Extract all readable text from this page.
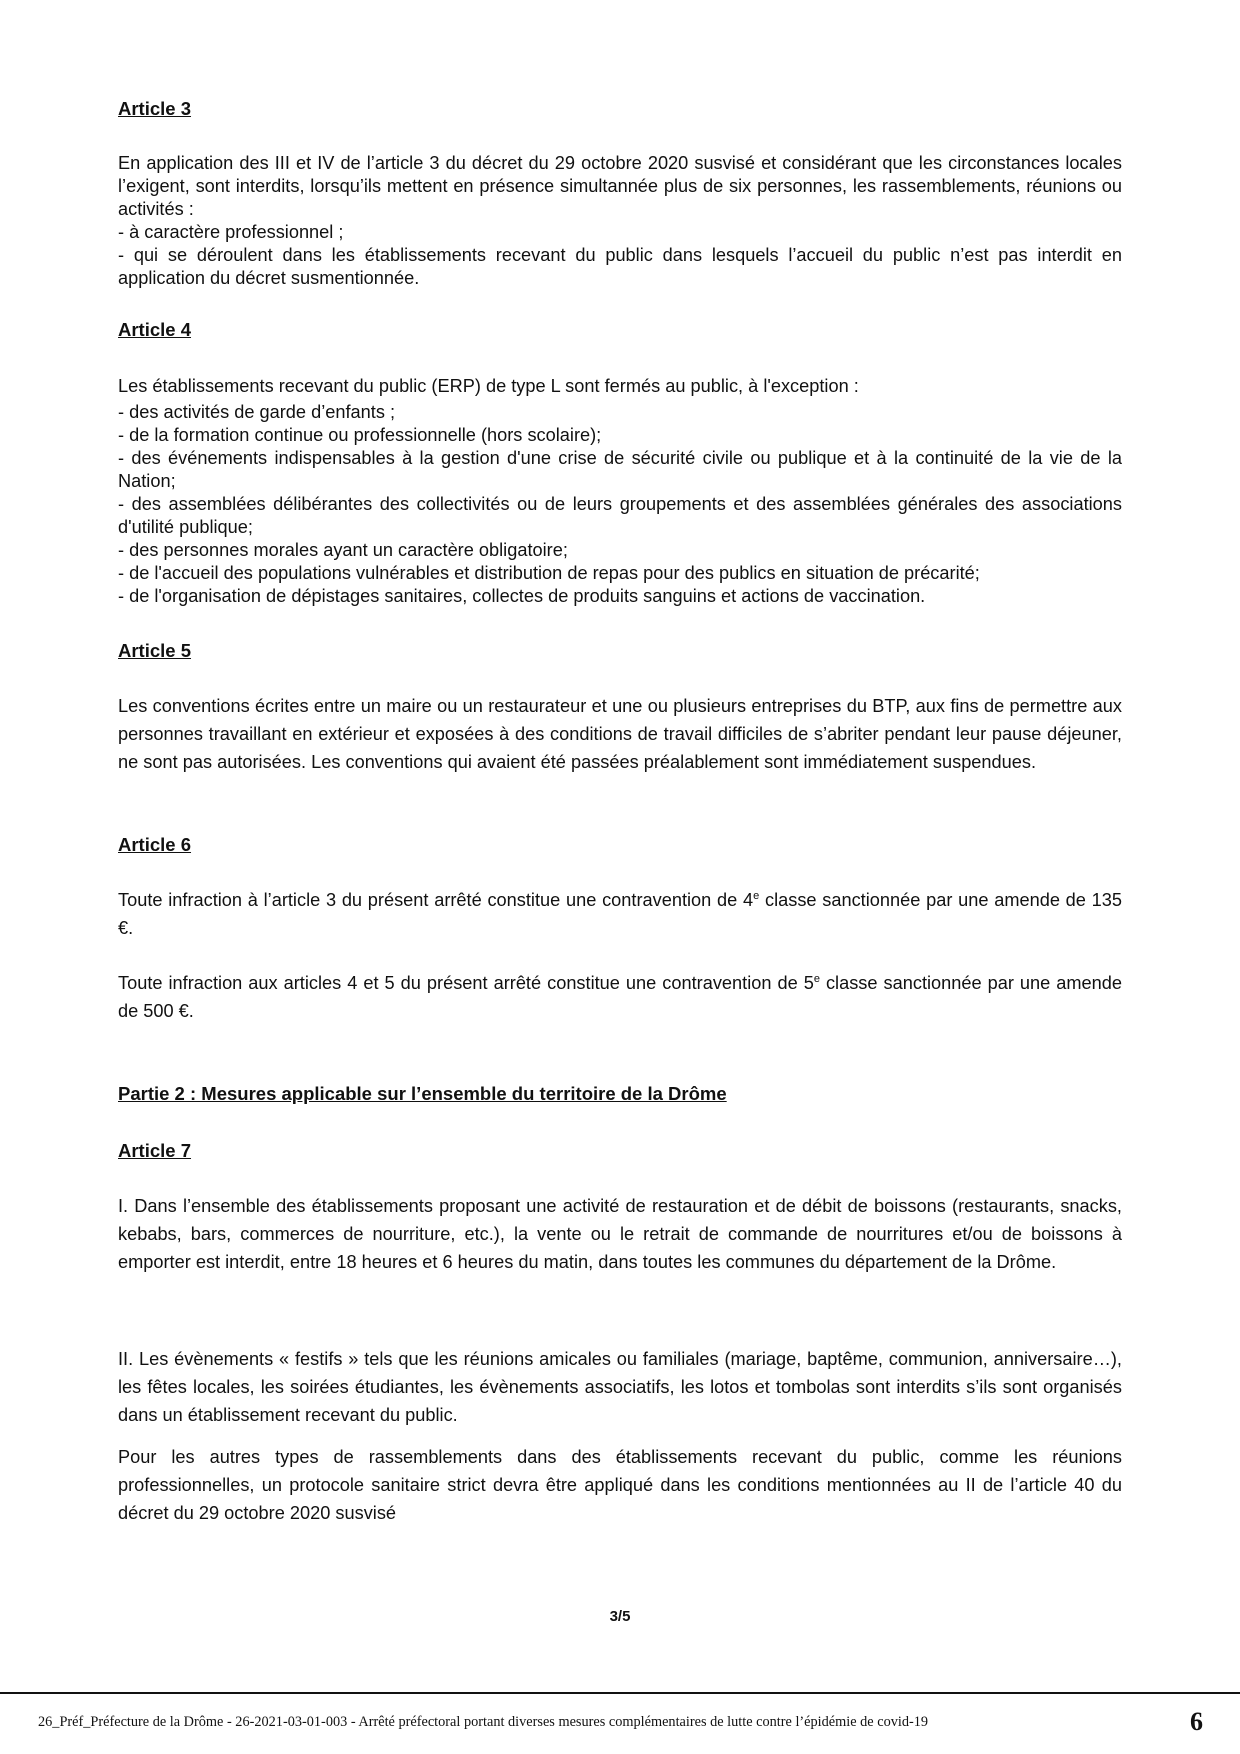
Article 3

En application des III et IV de l’article 3 du décret du 29 octobre 2020 susvisé et considérant que les circonstances locales l’exigent, sont interdits, lorsqu’ils mettent en présence simultannée plus de six personnes, les rassemblements, réunions ou activités :

- à caractère professionnel ;

- qui se déroulent dans les établissements recevant du public dans lesquels l’accueil du public n’est pas interdit en application du décret susmentionnée.

Article 4

Les établissements recevant du public (ERP) de type L sont fermés au public, à l'exception :

- des activités de garde d’enfants ;

- de la formation continue ou professionnelle (hors scolaire);

- des événements indispensables à la gestion d'une crise de sécurité civile ou publique et à la continuité de la vie de la Nation;

- des assemblées délibérantes des collectivités ou de leurs groupements et des assemblées générales des associations d'utilité publique;

- des personnes morales ayant un caractère obligatoire;

- de l'accueil des populations vulnérables et distribution de repas pour des publics en situation de précarité;

- de l'organisation de dépistages sanitaires, collectes de produits sanguins et actions de vaccination.

Article 5

Les conventions écrites entre un maire ou un restaurateur et une ou plusieurs entreprises du BTP, aux fins de permettre aux personnes travaillant en extérieur et exposées à des conditions de travail difficiles de s’abriter pendant leur pause déjeuner, ne sont pas autorisées. Les conventions qui avaient été passées préalablement sont immédiatement suspendues.

Article 6

Toute infraction à l’article 3 du présent arrêté constitue une contravention de 4e classe sanctionnée par une amende de 135 €.

Toute infraction aux articles 4 et 5 du présent arrêté constitue une contravention de 5e classe sanctionnée par une amende de 500 €.

Partie 2 : Mesures applicable sur l’ensemble du territoire de la Drôme
Article 7

I. Dans l’ensemble des établissements proposant une activité de restauration et de débit de boissons (restaurants, snacks, kebabs, bars, commerces de nourriture, etc.), la vente ou le retrait de commande de nourritures et/ou de boissons à emporter est interdit, entre 18 heures et 6 heures du matin, dans toutes les communes du département de la Drôme.

II. Les évènements « festifs » tels que les réunions amicales ou familiales (mariage, baptême, communion, anniversaire…), les fêtes locales, les soirées étudiantes, les évènements associatifs, les lotos et tombolas sont interdits s’ils sont organisés dans un établissement recevant du public.

Pour les autres types de rassemblements dans des établissements recevant du public, comme les réunions professionnelles, un protocole sanitaire strict devra être appliqué dans les conditions mentionnées au II de l’article 40 du décret du 29 octobre 2020 susvisé

3/5
26_Préf_Préfecture de la Drôme - 26-2021-03-01-003 - Arrêté préfectoral portant diverses mesures complémentaires de lutte contre l’épidémie de covid-19	6
